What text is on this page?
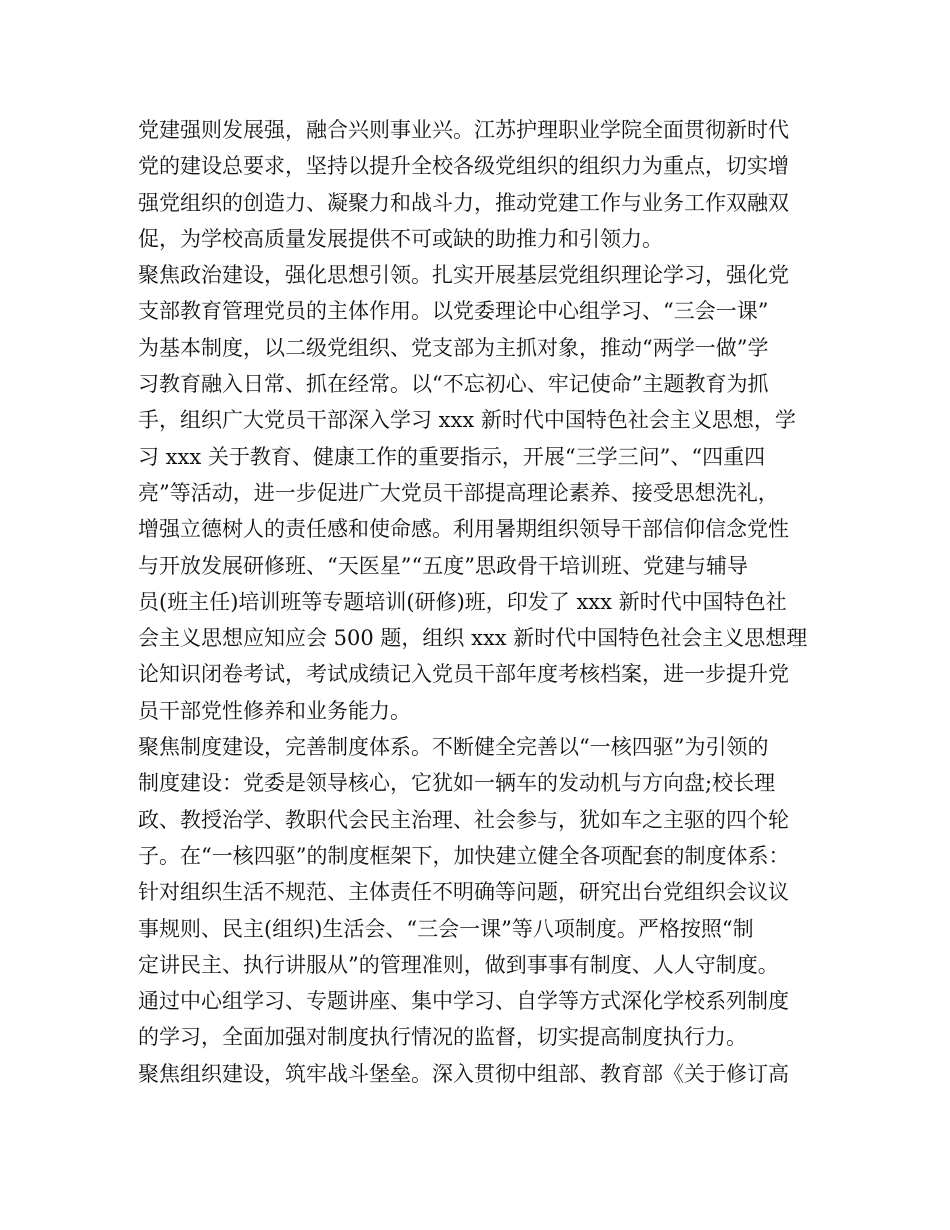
党建强则发展强，融合兴则事业兴。江苏护理职业学院全面贯彻新时代
党的建设总要求，坚持以提升全校各级党组织的组织力为重点，切实增
强党组织的创造力、凝聚力和战斗力，推动党建工作与业务工作双融双
促，为学校高质量发展提供不可或缺的助推力和引领力。
聚焦政治建设，强化思想引领。扎实开展基层党组织理论学习，强化党
支部教育管理党员的主体作用。以党委理论中心组学习、“三会一课”
为基本制度，以二级党组织、党支部为主抓对象，推动“两学一做”学
习教育融入日常、抓在经常。以“不忘初心、牢记使命”主题教育为抓
手，组织广大党员干部深入学习 xxx 新时代中国特色社会主义思想，学
习 xxx 关于教育、健康工作的重要指示，开展“三学三问”、“四重四
亮”等活动，进一步促进广大党员干部提高理论素养、接受思想洗礼，
增强立德树人的责任感和使命感。利用暑期组织领导干部信仰信念党性
与开放发展研修班、“天医星”“五度”思政骨干培训班、党建与辅导
员(班主任)培训班等专题培训(研修)班，印发了 xxx 新时代中国特色社
会主义思想应知应会 500 题，组织 xxx 新时代中国特色社会主义思想理
论知识闭卷考试，考试成绩记入党员干部年度考核档案，进一步提升党
员干部党性修养和业务能力。
聚焦制度建设，完善制度体系。不断健全完善以“一核四驱”为引领的
制度建设：党委是领导核心，它犹如一辆车的发动机与方向盘;校长理
政、教授治学、教职代会民主治理、社会参与，犹如车之主驱的四个轮
子。在“一核四驱”的制度框架下，加快建立健全各项配套的制度体系：
针对组织生活不规范、主体责任不明确等问题，研究出台党组织会议议
事规则、民主(组织)生活会、“三会一课”等八项制度。严格按照“制
定讲民主、执行讲服从”的管理准则，做到事事有制度、人人守制度。
通过中心组学习、专题讲座、集中学习、自学等方式深化学校系列制度
的学习，全面加强对制度执行情况的监督，切实提高制度执行力。
聚焦组织建设，筑牢战斗堡垒。深入贯彻中组部、教育部《关于修订高
